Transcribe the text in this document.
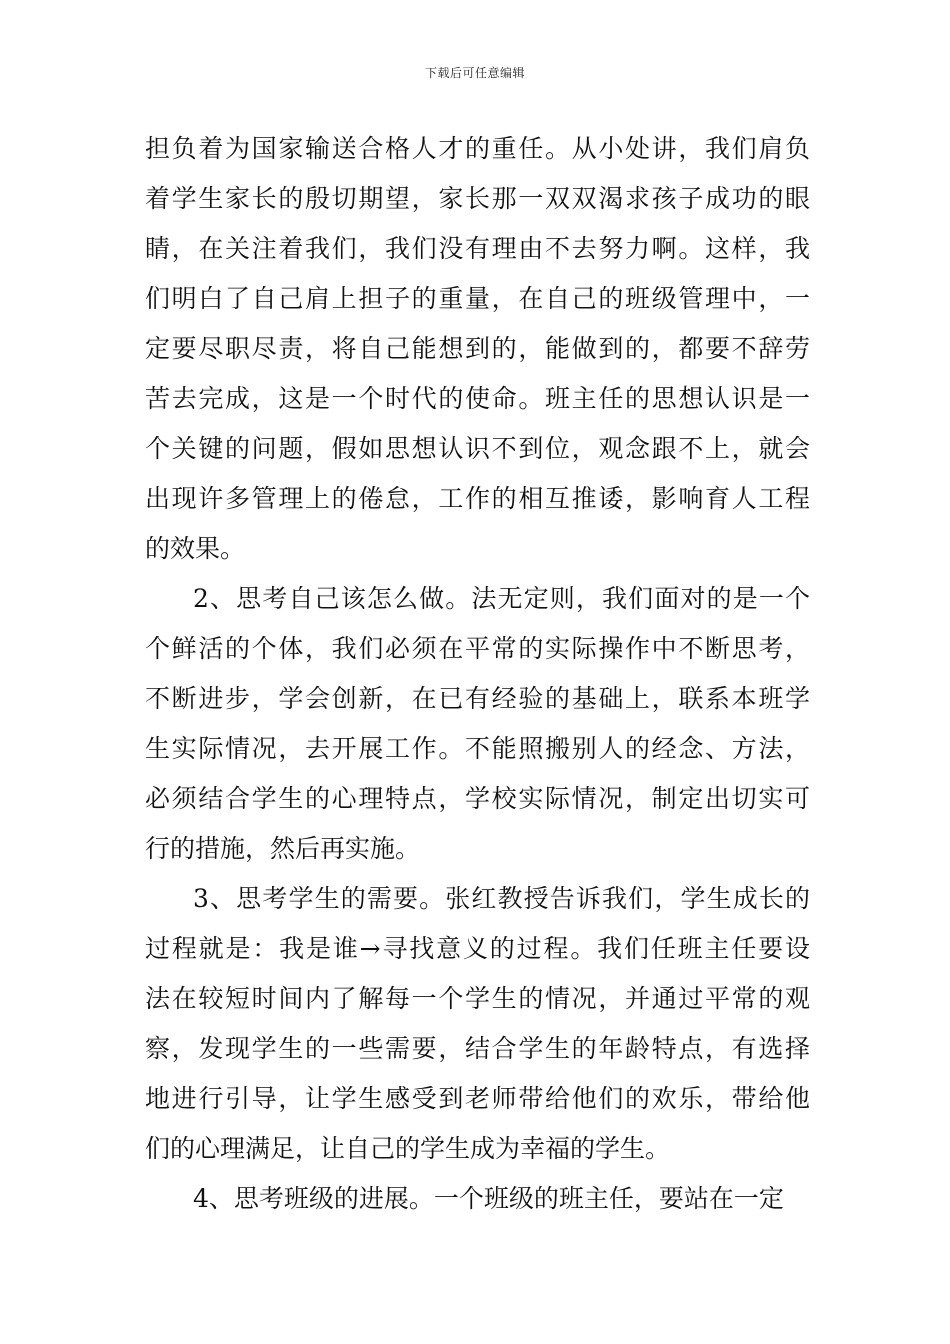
下载后可任意编辑
担负着为国家输送合格人才的重任。从小处讲，我们肩负
着学生家长的殷切期望，家长那一双双渴求孩子成功的眼
睛，在关注着我们，我们没有理由不去努力啊。这样，我
们明白了自己肩上担子的重量，在自己的班级管理中，一
定要尽职尽责，将自己能想到的，能做到的，都要不辞劳
苦去完成，这是一个时代的使命。班主任的思想认识是一
个关键的问题，假如思想认识不到位，观念跟不上，就会
出现许多管理上的倦怠，工作的相互推诿，影响育人工程
的效果。
2、思考自己该怎么做。法无定则，我们面对的是一个
个鲜活的个体，我们必须在平常的实际操作中不断思考，
不断进步，学会创新，在已有经验的基础上，联系本班学
生实际情况，去开展工作。不能照搬别人的经念、方法，
必须结合学生的心理特点，学校实际情况，制定出切实可
行的措施，然后再实施。
3、思考学生的需要。张红教授告诉我们，学生成长的
过程就是：我是谁→寻找意义的过程。我们任班主任要设
法在较短时间内了解每一个学生的情况，并通过平常的观
察，发现学生的一些需要，结合学生的年龄特点，有选择
地进行引导，让学生感受到老师带给他们的欢乐，带给他
们的心理满足，让自己的学生成为幸福的学生。
4、思考班级的进展。一个班级的班主任，要站在一定
